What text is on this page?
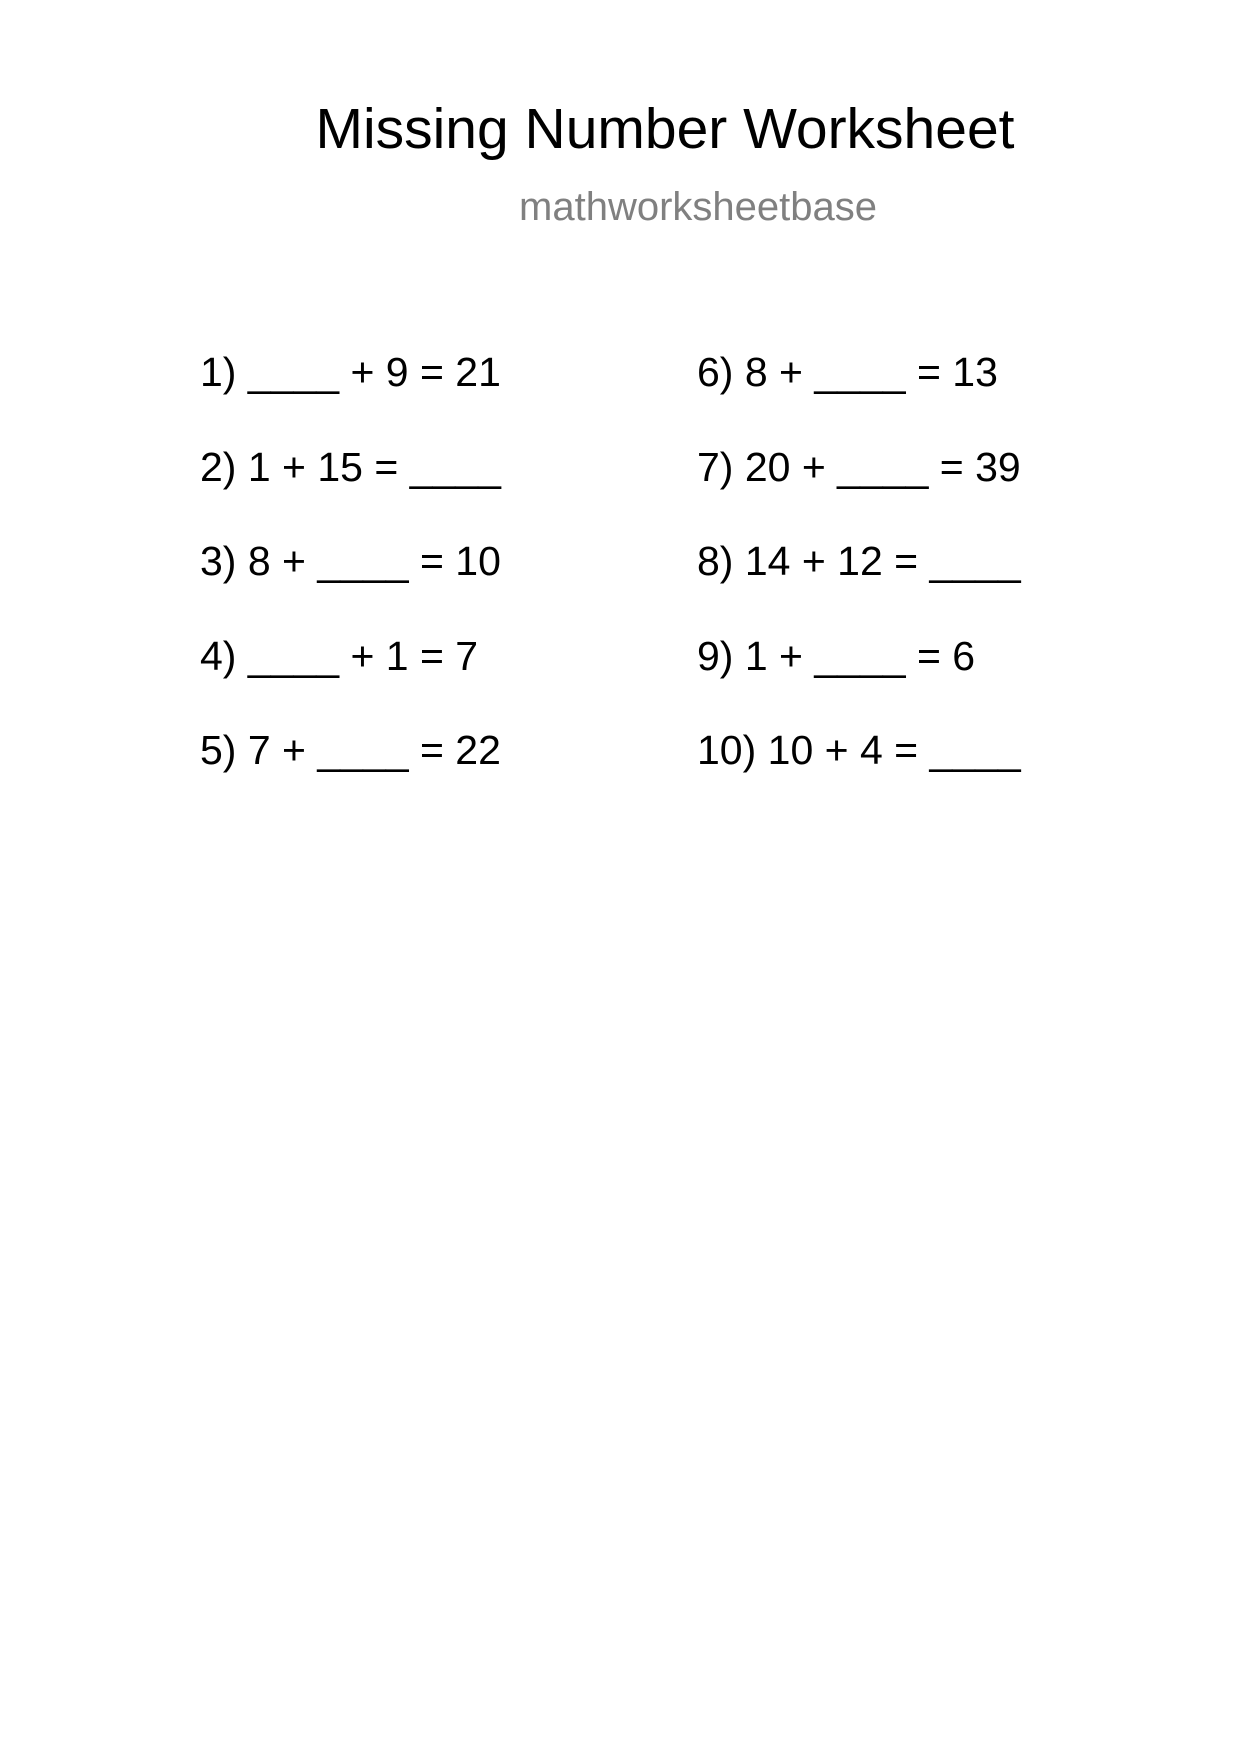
Missing Number Worksheet
mathworksheetbase
1) ____ + 9 = 21
2) 1 + 15 = ____
3) 8 + ____ = 10
4) ____ + 1 = 7
5) 7 + ____ = 22
6) 8 + ____ = 13
7) 20 + ____ = 39
8) 14 + 12 = ____
9) 1 + ____ = 6
10) 10 + 4 = ____
